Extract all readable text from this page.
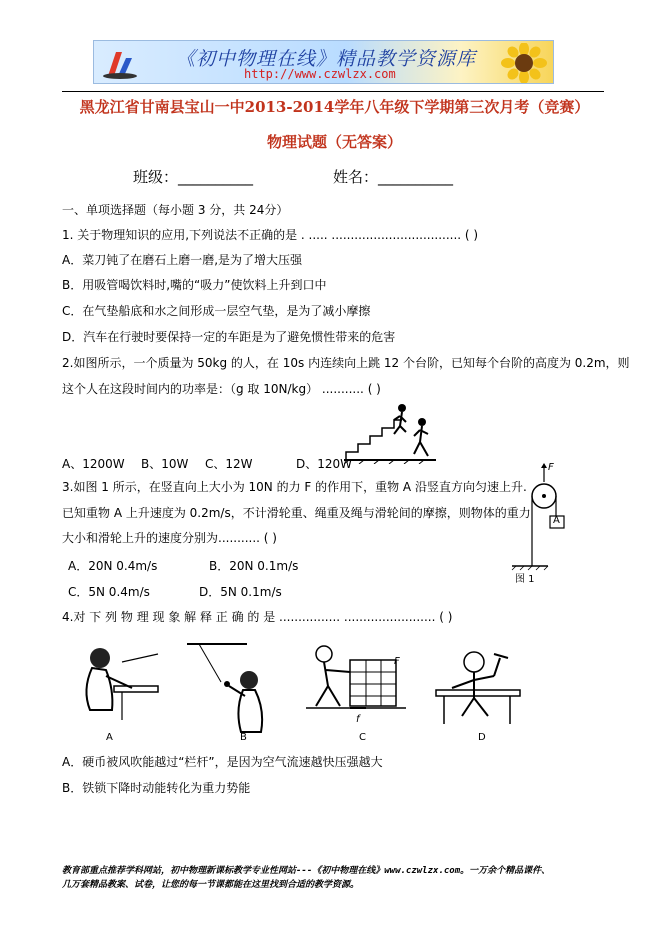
《初中物理在线》精品教学资源库
http://www.czwlzx.com
黑龙江省甘南县宝山一中2013-2014学年八年级下学期第三次月考（竞赛）
物理试题（无答案）
班级：__________	姓名：__________
一、单项选择题（每小题 3 分，共 24分）
1. 关于物理知识的应用,下列说法不正确的是 . ..... .................................. ( )
A．菜刀钝了在磨石上磨一磨,是为了增大压强
B．用吸管喝饮料时,嘴的“吸力”使饮料上升到口中
C．在气垫船底和水之间形成一层空气垫，是为了减小摩擦
D．汽车在行驶时要保持一定的车距是为了避免惯性带来的危害
2.如图所示，一个质量为 50kg 的人，在 10s 内连续向上跳 12 个台阶，已知每个台阶的高度为 0.2m，则
这个人在这段时间内的功率是：（g 取 10N/kg） ........... ( )
A、1200W B、10W C、12W	D、120W
3.如图 1 所示，在竖直向上大小为 10N 的力 F 的作用下，重物 A 沿竖直方向匀速上升.
已知重物 A 上升速度为 0.2m/s，不计滑轮重、绳重及绳与滑轮间的摩擦，则物体的重力
大小和滑轮上升的速度分别为........... ( )
F
A
图 1
A．20N 0.4m/s	B．20N 0.1m/s
C．5N 0.4m/s	D．5N 0.1m/s
4.对 下 列 物 理 现 象 解 释 正 确 的 是 ................ ........................ ( )
F
f
A	B	C	D
A．硬币被风吹能越过“栏杆”，是因为空气流速越快压强越大
B．铁锁下降时动能转化为重力势能
教育部重点推荐学科网站，初中物理新课标教学专业性网站---《初中物理在线》www.czwlzx.com。一万余个精品课件、
几万套精品教案、试卷，让您的每一节课都能在这里找到合适的教学资源。
